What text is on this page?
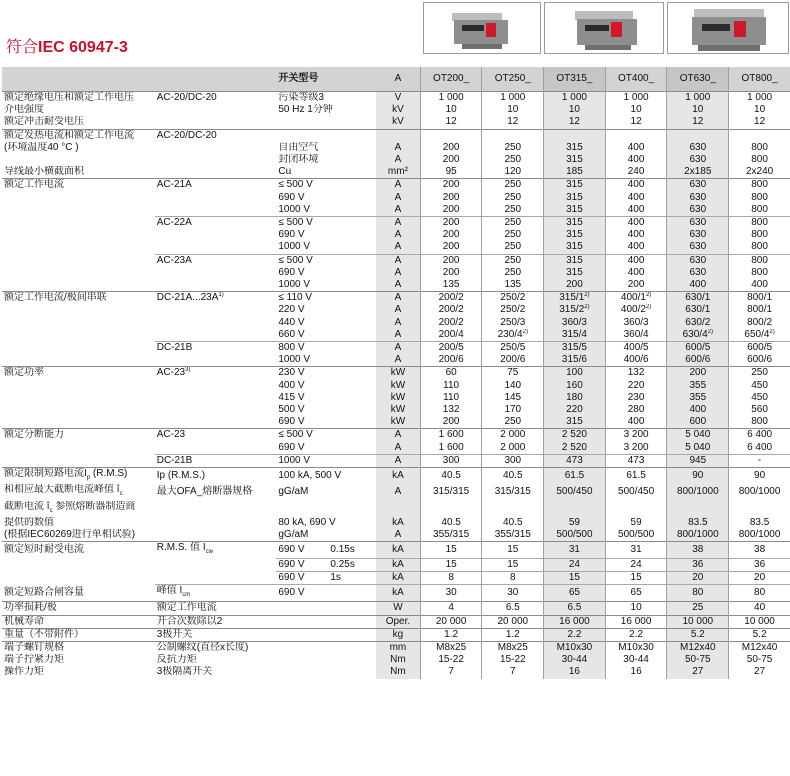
符合IEC 60947-3
		开关型号	A	OT200_	OT250_	OT315_	OT400_	OT630_	OT800_
额定绝缘电压和额定工作电压	AC-20/DC-20	污染等级3	V	1 000	1 000	1 000	1 000	1 000	1 000
介电强度		50 Hz 1分钟	kV	10	10	10	10	10	10
额定冲击耐受电压			kV	12	12	12	12	12	12
额定发热电流和额定工作电流	AC-20/DC-20								
(环境温度40 °C )		自由空气	A	200	250	315	400	630	800
		封闭环境	A	200	250	315	400	630	800
导线最小横截面积		Cu	mm²	95	120	185	240	2x185	2x240
额定工作电流	AC-21A	≤ 500 V	A	200	250	315	400	630	800
		690 V	A	200	250	315	400	630	800
		1000 V	A	200	250	315	400	630	800
	AC-22A	≤ 500 V	A	200	250	315	400	630	800
		690 V	A	200	250	315	400	630	800
		1000 V	A	200	250	315	400	630	800
	AC-23A	≤ 500 V	A	200	250	315	400	630	800
		690 V	A	200	250	315	400	630	800
		1000 V	A	135	135	200	200	400	400
额定工作电流/极间串联	$DC-21A...23A^{1)}$	≤ 110 V	A	200/2	250/2	315/1$^{2)}$	400/1$^{2)}$	630/1	800/1
		220 V	A	200/2	250/2	315/2$^{2)}$	400/2$^{2)}$	630/1	800/1
		440 V	A	200/2	250/3	360/3	360/3	630/2	800/2
		660 V	A	200/4	230/4$^{2)}$	315/4	360/4	630/4$^{2)}$	650/4$^{2)}$
	DC-21B	800 V	A	200/5	250/5	315/5	400/5	600/5	600/5
		1000 V	A	200/6	200/6	315/6	400/6	600/6	600/6
额定功率	AC-23$^{3)}$	230 V	kW	60	75	100	132	200	250
		400 V	kW	110	140	160	220	355	450
		415 V	kW	110	145	180	230	355	450
		500 V	kW	132	170	220	280	400	560
		690 V	kW	200	250	315	400	600	800
额定分断能力	AC-23	≤ 500 V	A	1 600	2 000	2 520	3 200	5 040	6 400
		690 V	A	1 600	2 000	2 520	3 200	5 040	6 400
	DC-21B	1000 V	A	300	300	473	473	945	-
额定限制短路电流$I_p$ (R.M.S)	Ip (R.M.S.)	100 kA, 500 V	kA	40.5	40.5	61.5	61.5	90	90
和相应最大截断电流峰值 $î_c$	最大OFA_熔断器规格	gG/aM	A	315/315	315/315	500/450	500/450	800/1000	800/1000
截断电流 $î_c$ 参照熔断器制造商									
提供的数值		80 kA, 690 V	kA	40.5	40.5	59	59	83.5	83.5
(根据IEC60269进行单相试验)		gG/aM	A	355/315	355/315	500/500	500/500	800/1000	800/1000
额定短时耐受电流	R.M.S. 值 $I_{cw}$	690 V 0.15s	kA	15	15	31	31	38	38
		690 V 0.25s	kA	15	15	24	24	36	36
		690 V 1s	kA	8	8	15	15	20	20
额定短路合闸容量	峰值 $I_{cm}$	690 V	kA	30	30	65	65	80	80
功率损耗/极	额定工作电流		W	4	6.5	6.5	10	25	40
机械寿命	开合次数除以2		Oper.	20 000	20 000	16 000	16 000	10 000	10 000
重量（不带附件）	3极开关		kg	1.2	1.2	2.2	2.2	5.2	5.2
端子螺钉规格	公制螺纹(直径x长度)		mm	M8x25	M8x25	M10x30	M10x30	M12x40	M12x40
端子拧紧力矩	反抗力矩		Nm	15-22	15-22	30-44	30-44	50-75	50-75
操作力矩	3极隔离开关		Nm	7	7	16	16	27	27
